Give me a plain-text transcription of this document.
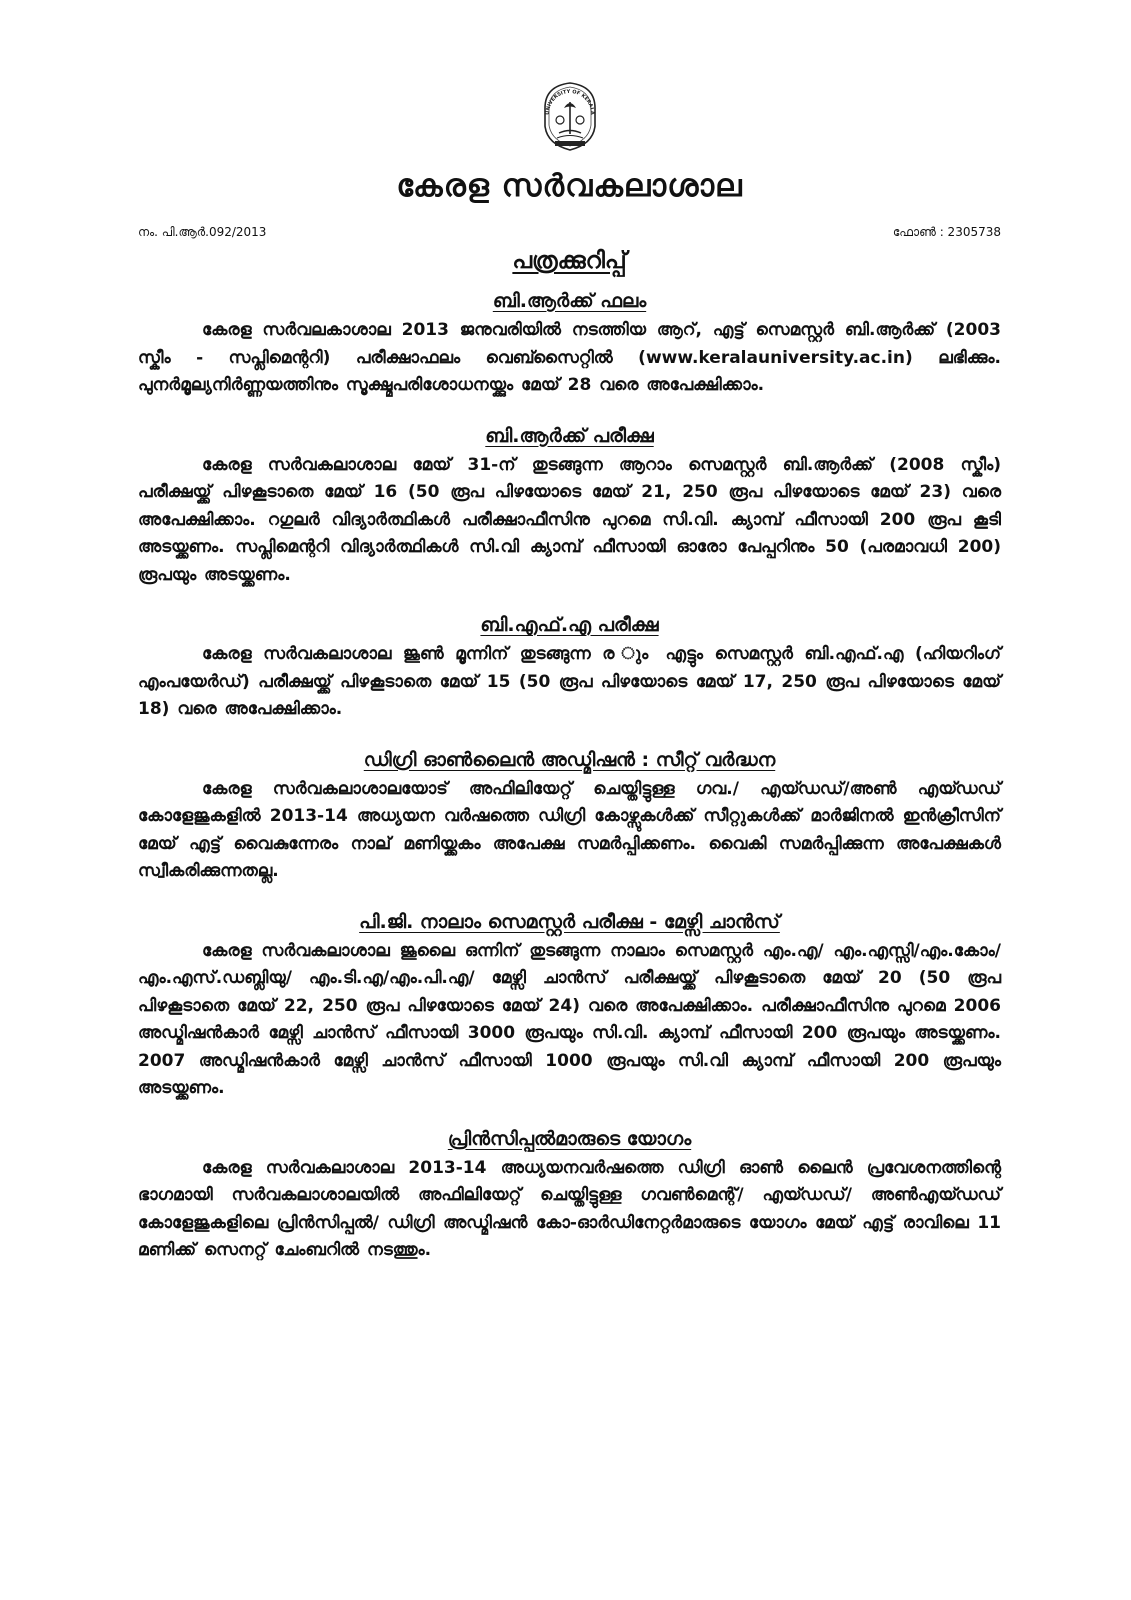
UNIVERSITY OF KERALA
കേരള സർവകലാശാല
നം. പി.ആർ.092/2013	ഫോൺ : 2305738
പത്രക്കുറിപ്പ്
ബി.ആർക്ക് ഫലം

കേരള സർവലകാശാല 2013 ജനുവരിയിൽ നടത്തിയ ആറ്, എട്ട് സെമസ്റ്റർ ബി.ആർക്ക് (2003 സ്കീം - സപ്ലിമെന്ററി) പരീക്ഷാഫലം വെബ്സൈറ്റിൽ (www.keralauniversity.ac.in) ലഭിക്കും. പുനർമൂല്യനിർണ്ണയത്തിനും സൂക്ഷ്മപരിശോധനയ്ക്കും മേയ് 28 വരെ അപേക്ഷിക്കാം.

ബി.ആർക്ക് പരീക്ഷ

കേരള സർവകലാശാല മേയ് 31-ന് തുടങ്ങുന്ന ആറാം സെമസ്റ്റർ ബി.ആർക്ക് (2008 സ്കീം) പരീക്ഷയ്ക്ക് പിഴകൂടാതെ മേയ് 16 (50 രൂപ പിഴയോടെ മേയ് 21, 250 രൂപ പിഴയോടെ മേയ് 23) വരെ അപേക്ഷിക്കാം. റഗുലർ വിദ്യാർത്ഥികൾ പരീക്ഷാഫീസിനു പുറമെ സി.വി. ക്യാമ്പ് ഫീസായി 200 രൂപ കൂടി അടയ്ക്കണം. സപ്ലിമെന്ററി വിദ്യാർത്ഥികൾ സി.വി ക്യാമ്പ് ഫീസായി ഓരോ പേപ്പറിനും 50 (പരമാവധി 200) രൂപയും അടയ്ക്കണം.

ബി.എഫ്.എ പരീക്ഷ

കേരള സർവകലാശാല ജൂൺ മൂന്നിന് തുടങ്ങുന്ന ര ും എട്ടും സെമസ്റ്റർ ബി.എഫ്.എ (ഹിയറിംഗ് എംപയേർഡ്) പരീക്ഷയ്ക്ക് പിഴകൂടാതെ മേയ് 15 (50 രൂപ പിഴയോടെ മേയ് 17, 250 രൂപ പിഴയോടെ മേയ് 18) വരെ അപേക്ഷിക്കാം.

ഡിഗ്രി ഓൺലൈൻ അഡ്മിഷൻ : സീറ്റ് വർദ്ധന

കേരള സർവകലാശാലയോട് അഫിലിയേറ്റ് ചെയ്തിട്ടുള്ള ഗവ./ എയ്ഡഡ്/അൺ എയ്ഡഡ് കോളേജുകളിൽ 2013-14 അധ്യയന വർഷത്തെ ഡിഗ്രി കോഴ്സുകൾക്ക് സീറ്റുകൾക്ക് മാർജിനൽ ഇൻക്രീസിന് മേയ് എട്ട് വൈകുന്നേരം നാല് മണിയ്ക്കകം അപേക്ഷ സമർപ്പിക്കണം. വൈകി സമർപ്പിക്കുന്ന അപേക്ഷകൾ സ്വീകരിക്കുന്നതല്ല.

പി.ജി. നാലാം സെമസ്റ്റർ പരീക്ഷ - മേഴ്സി ചാൻസ്

കേരള സർവകലാശാല ജൂലൈ ഒന്നിന് തുടങ്ങുന്ന നാലാം സെമസ്റ്റർ എം.എ/ എം.എസ്സി/എം.കോം/ എം.എസ്.ഡബ്ലിയു/ എം.ടി.എ/എം.പി.എ/ മേഴ്സി ചാൻസ് പരീക്ഷയ്ക്ക് പിഴകൂടാതെ മേയ് 20 (50 രൂപ പിഴകൂടാതെ മേയ് 22, 250 രൂപ പിഴയോടെ മേയ് 24) വരെ അപേക്ഷിക്കാം. പരീക്ഷാഫീസിനു പുറമെ 2006 അഡ്മിഷൻകാർ മേഴ്സി ചാൻസ് ഫീസായി 3000 രൂപയും സി.വി. ക്യാമ്പ് ഫീസായി 200 രൂപയും അടയ്ക്കണം. 2007 അഡ്മിഷൻകാർ മേഴ്സി ചാൻസ് ഫീസായി 1000 രൂപയും സി.വി ക്യാമ്പ് ഫീസായി 200 രൂപയും അടയ്ക്കണം.

പ്രിൻസിപ്പൽമാരുടെ യോഗം

കേരള സർവകലാശാല 2013-14 അധ്യയനവർഷത്തെ ഡിഗ്രി ഓൺ ലൈൻ പ്രവേശനത്തിന്റെ ഭാഗമായി സർവകലാശാലയിൽ അഫിലിയേറ്റ് ചെയ്തിട്ടുള്ള ഗവൺമെന്റ്/ എയ്ഡഡ്/ അൺഎയ്ഡഡ് കോളേജുകളിലെ പ്രിൻസിപ്പൽ/ ഡിഗ്രി അഡ്മിഷൻ കോ-ഓർഡിനേറ്റർമാരുടെ യോഗം മേയ് എട്ട് രാവിലെ 11 മണിക്ക് സെനറ്റ് ചേംബറിൽ നടത്തും.
